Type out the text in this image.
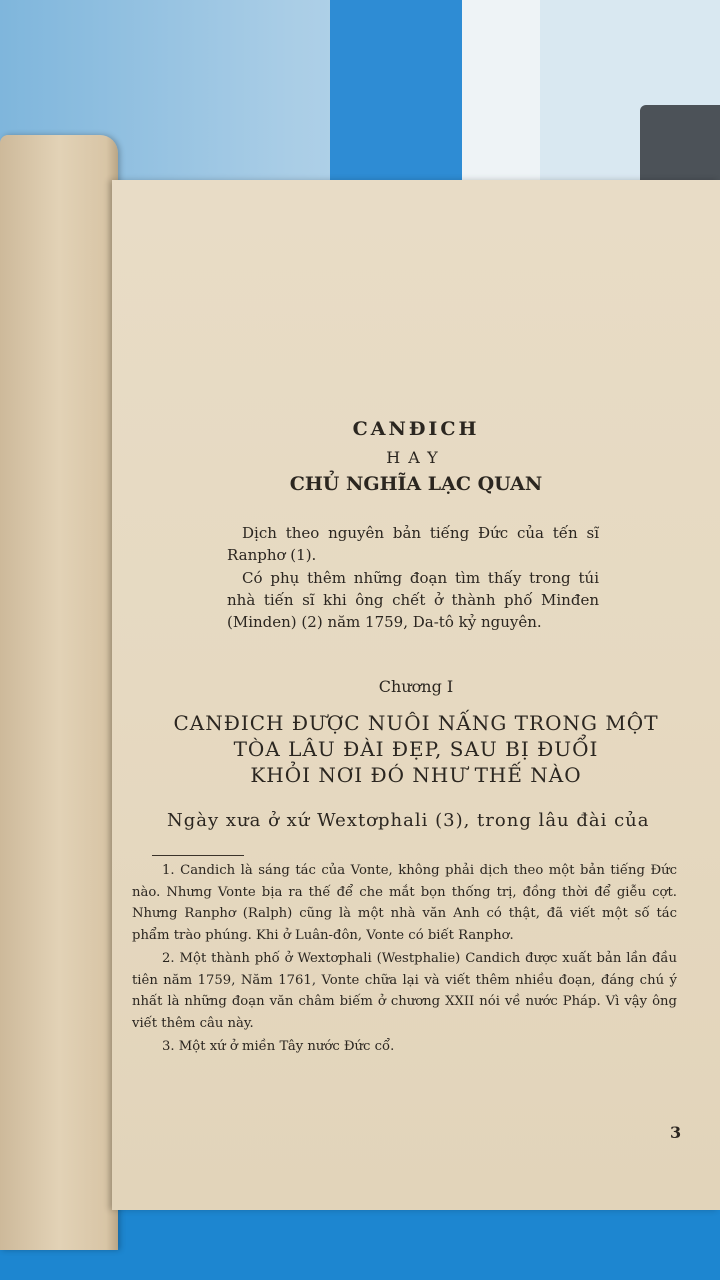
CANĐICH
HAY
CHỦ NGHĨA LẠC QUAN

Dịch theo nguyên bản tiếng Đức của tến sĩ Ranphơ (1).

Có phụ thêm những đoạn tìm thấy trong túi nhà tiến sĩ khi ông chết ở thành phố Minđen (Minden) (2) năm 1759, Da-tô kỷ nguyên.

Chương I
CANĐICH ĐƯỢC NUÔI NẤNG TRONG MỘT
TÒA LÂU ĐÀI ĐẸP, SAU BỊ ĐUỔI
KHỎI NƠI ĐÓ NHƯ THẾ NÀO
Ngày xưa ở xứ Wextơphali (3), trong lâu đài của

1. Candich là sáng tác của Vonte, không phải dịch theo một bản tiếng Đức nào. Nhưng Vonte bịa ra thế để che mắt bọn thống trị, đồng thời để giễu cợt. Nhưng Ranphơ (Ralph) cũng là một nhà văn Anh có thật, đã viết một số tác phẩm trào phúng. Khi ở Luân-đôn, Vonte có biết Ranphơ.

2. Một thành phố ở Wextơphali (Westphalie) Candich được xuất bản lần đầu tiên năm 1759, Năm 1761, Vonte chữa lại và viết thêm nhiều đoạn, đáng chú ý nhất là những đoạn văn châm biếm ở chương XXII nói về nước Pháp. Vì vậy ông viết thêm câu này.

3. Một xứ ở miền Tây nước Đức cổ.

3
